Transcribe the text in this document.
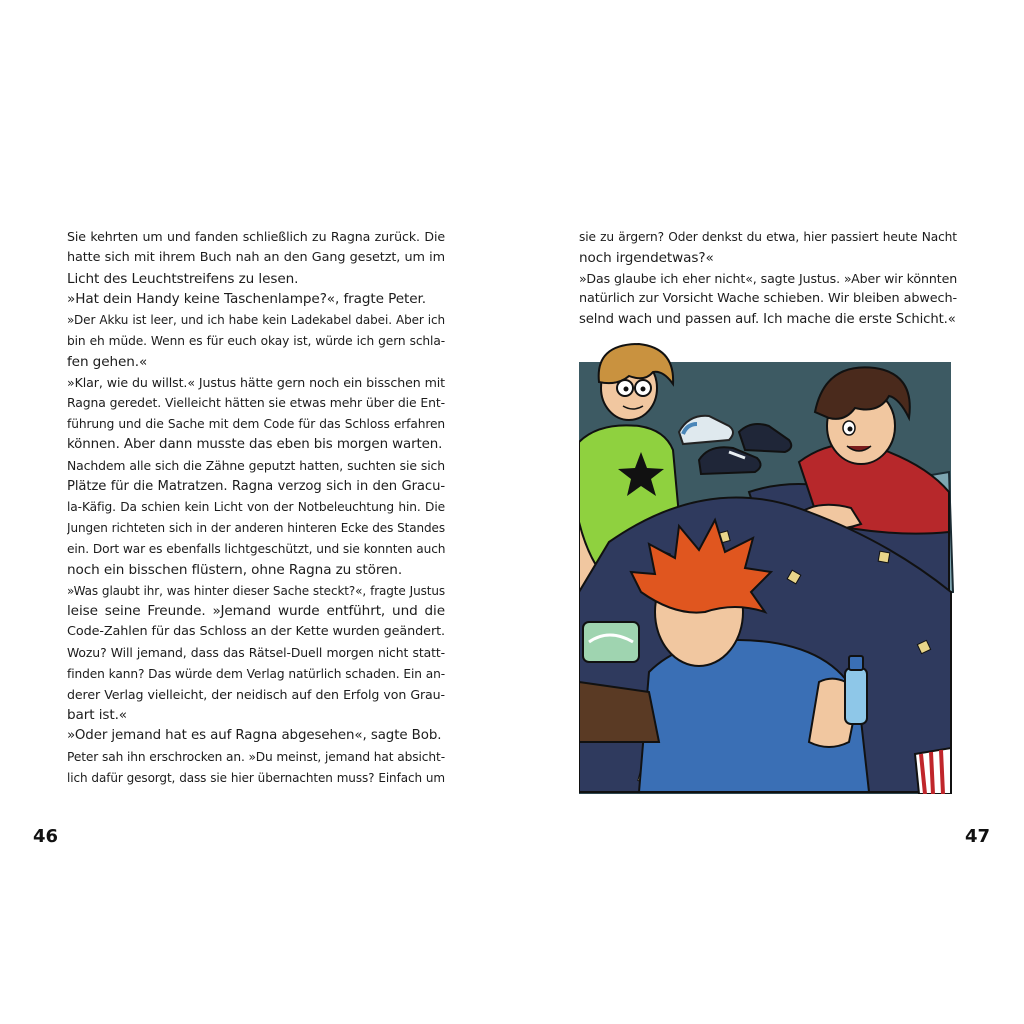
Sie kehrten um und fanden schließlich zu Ragna zurück. Die
hatte sich mit ihrem Buch nah an den Gang gesetzt, um im
Licht des Leuchtstreifens zu lesen.
»Hat dein Handy keine Taschenlampe?«, fragte Peter.
»Der Akku ist leer, und ich habe kein Ladekabel dabei. Aber ich
bin eh müde. Wenn es für euch okay ist, würde ich gern schla-
fen gehen.«
»Klar, wie du willst.« Justus hätte gern noch ein bisschen mit
Ragna geredet. Vielleicht hätten sie etwas mehr über die Ent-
führung und die Sache mit dem Code für das Schloss erfahren
können. Aber dann musste das eben bis morgen warten.
Nachdem alle sich die Zähne geputzt hatten, suchten sie sich
Plätze für die Matratzen. Ragna verzog sich in den Gracu-
la-Käfig. Da schien kein Licht von der Notbeleuchtung hin. Die
Jungen richteten sich in der anderen hinteren Ecke des Standes
ein. Dort war es ebenfalls lichtgeschützt, und sie konnten auch
noch ein bisschen flüstern, ohne Ragna zu stören.
»Was glaubt ihr, was hinter dieser Sache steckt?«, fragte Justus
leise seine Freunde. »Jemand wurde entführt, und die
Code-Zahlen für das Schloss an der Kette wurden geändert.
Wozu? Will jemand, dass das Rätsel-Duell morgen nicht statt-
finden kann? Das würde dem Verlag natürlich schaden. Ein an-
derer Verlag vielleicht, der neidisch auf den Erfolg von Grau-
bart ist.«
»Oder jemand hat es auf Ragna abgesehen«, sagte Bob.
Peter sah ihn erschrocken an. »Du meinst, jemand hat absicht-
lich dafür gesorgt, dass sie hier übernachten muss? Einfach um
46
sie zu ärgern? Oder denkst du etwa, hier passiert heute Nacht
noch irgendetwas?«
»Das glaube ich eher nicht«, sagte Justus. »Aber wir könnten
natürlich zur Vorsicht Wache schieben. Wir bleiben abwech-
selnd wach und passen auf. Ich mache die erste Schicht.«
47
